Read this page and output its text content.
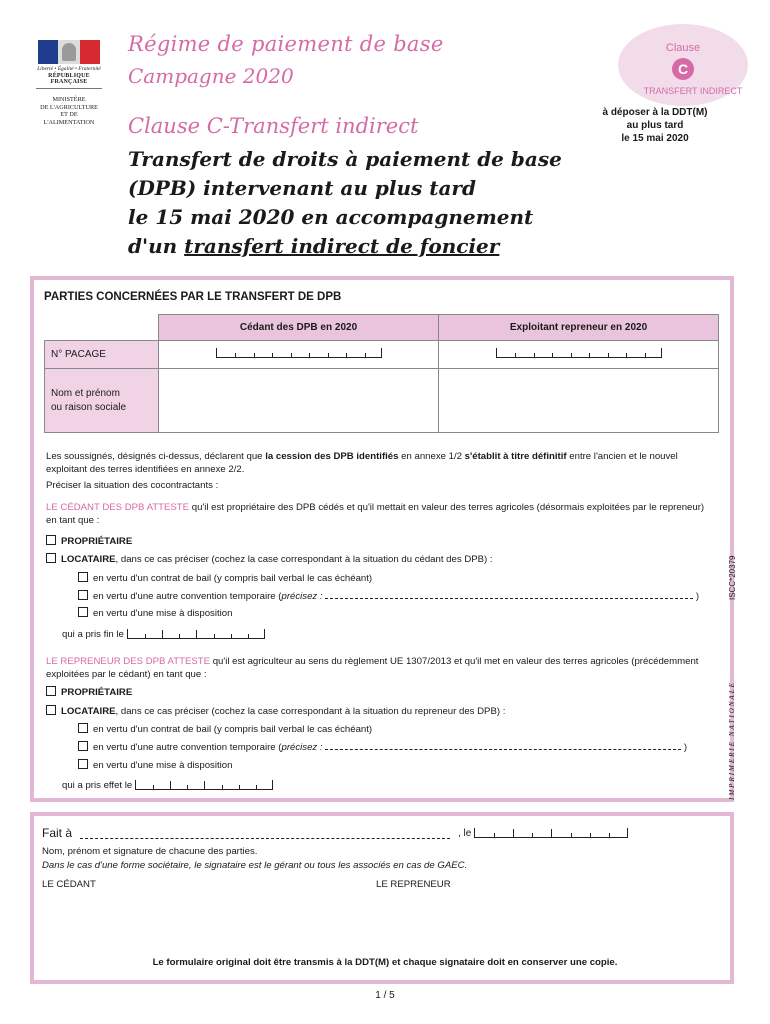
Liberté • Égalité • Fraternité
RÉPUBLIQUE FRANÇAISE
MINISTÈRE
DE L'AGRICULTURE
ET DE
L'ALIMENTATION
Régime de paiement de base
Campagne 2020
Clause C-Transfert indirect
Transfert de droits à paiement de base
(DPB) intervenant au plus tard
le 15 mai 2020 en accompagnement
d'un transfert indirect de foncier
Clause
C
TRANSFERT INDIRECT
à déposer à la DDT(M)
au plus tard
le 15 mai 2020
ISCC*20379
IMPRIMERIE NATIONALE
PARTIES CONCERNÉES PAR LE TRANSFERT DE DPB
	Cédant des DPB en 2020	Exploitant repreneur en 2020
N° PACAGE	

Nom et prénom
ou raison sociale		

Les soussignés, désignés ci-dessus, déclarent que la cession des DPB identifiés en annexe 1/2 s'établit à titre définitif entre l'ancien et le nouvel
exploitant des terres identifiées en annexe 2/2.
Préciser la situation des cocontractants :
LE CÉDANT DES DPB ATTESTE qu'il est propriétaire des DPB cédés et qu'il mettait en valeur des terres agricoles (désormais exploitées par le repreneur)
en tant que :
PROPRIÉTAIRE
LOCATAIRE, dans ce cas préciser (cochez la case correspondant à la situation du cédant des DPB) :
en vertu d'un contrat de bail (y compris bail verbal le cas échéant)
en vertu d'une autre convention temporaire (précisez :	)
en vertu d'une mise à disposition
qui a pris fin le
LE REPRENEUR DES DPB ATTESTE qu'il est agriculteur au sens du règlement UE 1307/2013 et qu'il met en valeur des terres agricoles (précédemment
exploitées par le cédant) en tant que :
PROPRIÉTAIRE
LOCATAIRE, dans ce cas préciser (cochez la case correspondant à la situation du repreneur des DPB) :
en vertu d'un contrat de bail (y compris bail verbal le cas échéant)
en vertu d'une autre convention temporaire (précisez :	)
en vertu d'une mise à disposition
qui a pris effet le
Fait à	, le
Nom, prénom et signature de chacune des parties.
Dans le cas d'une forme sociétaire, le signataire est le gérant ou tous les associés en cas de GAEC.
LE CÉDANT	LE REPRENEUR
Le formulaire original doit être transmis à la DDT(M) et chaque signataire doit en conserver une copie.
1 / 5
